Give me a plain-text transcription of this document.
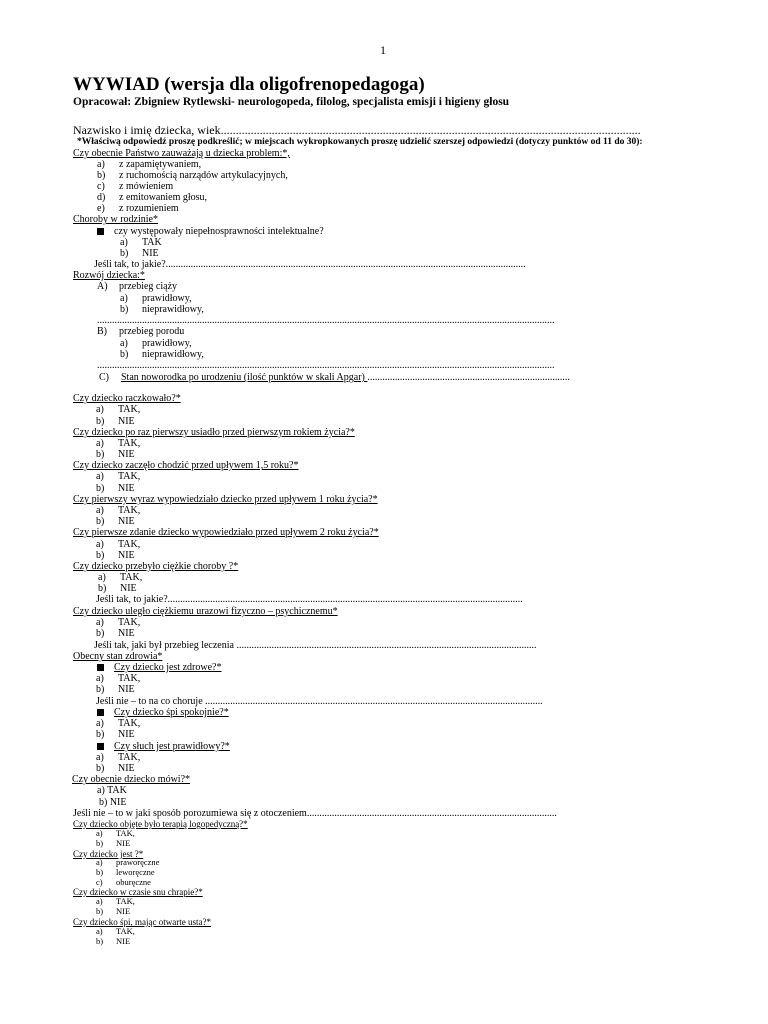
1
WYWIAD (wersja dla oligofrenopedagoga)
Opracował: Zbigniew Rytlewski- neurologopeda, filolog, specjalista emisji i higieny głosu
Nazwisko i imię dziecka, wiek............................................................................................................................................
*Właściwą odpowiedź proszę podkreślić; w miejscach wykropkowanych proszę udzielić szerszej odpowiedzi (dotyczy punktów od 11 do 30):
Czy obecnie Państwo zauważają u dziecka problem:*,
a) z zapamiętywaniem,
b) z ruchomością narządów artykulacyjnych,
c) z mówieniem
d) z emitowaniem głosu,
e) z rozumieniem
Choroby w rodzinie*
czy występowały niepełnosprawności intelektualne?
a) TAK
b) NIE
Jeśli tak, to jakie?................................................................................................................................................
Rozwój dziecka:*
A) przebieg ciąży
a) prawidłowy,
b) nieprawidłowy,
.......................................................................................................................................................................................
B) przebieg porodu
a) prawidłowy,
b) nieprawidłowy,
.......................................................................................................................................................................................
C) Stan noworodka po urodzeniu (ilość punktów w skali Apgar) .................................................................................
Czy dziecko raczkowało?*
a) TAK,
b) NIE
Czy dziecko po raz pierwszy usiadło przed pierwszym rokiem życia?*
a) TAK,
b) NIE
Czy dziecko zaczęło chodzić przed upływem 1,5 roku?*
a) TAK,
b) NIE
Czy pierwszy wyraz wypowiedziało dziecko przed upływem 1 roku życia?*
a) TAK,
b) NIE
Czy pierwsze zdanie dziecko wypowiedziało przed upływem 2 roku życia?*
a) TAK,
b) NIE
Czy dziecko przebyło ciężkie choroby ?*
a) TAK,
b) NIE
Jeśli tak, to jakie?..............................................................................................................................................
Czy dziecko uległo ciężkiemu urazowi fizyczno – psychicznemu*
a) TAK,
b) NIE
Jeśli tak, jaki był przebieg leczenia ........................................................................................................................
Obecny stan zdrowia*
Czy dziecko jest zdrowe?*
a) TAK,
b) NIE
Jeśli nie – to na co choruje .......................................................................................................................................
Czy dziecko śpi spokojnie?*
a) TAK,
b) NIE
Czy słuch jest prawidłowy?*
a) TAK,
b) NIE
Czy obecnie dziecko mówi?*
a) TAK
b) NIE
Jeśli nie – to w jaki sposób porozumiewa się z otoczeniem....................................................................................................
Czy dziecko objęte było terapią logopedyczną?*
a) TAK,
b) NIE
Czy dziecko jest ?*
a) praworęczne
b) leworęczne
c) oburęczne
Czy dziecko w czasie snu chrapie?*
a) TAK,
b) NIE
Czy dziecko śpi, mając otwarte usta?*
a) TAK,
b) NIE
